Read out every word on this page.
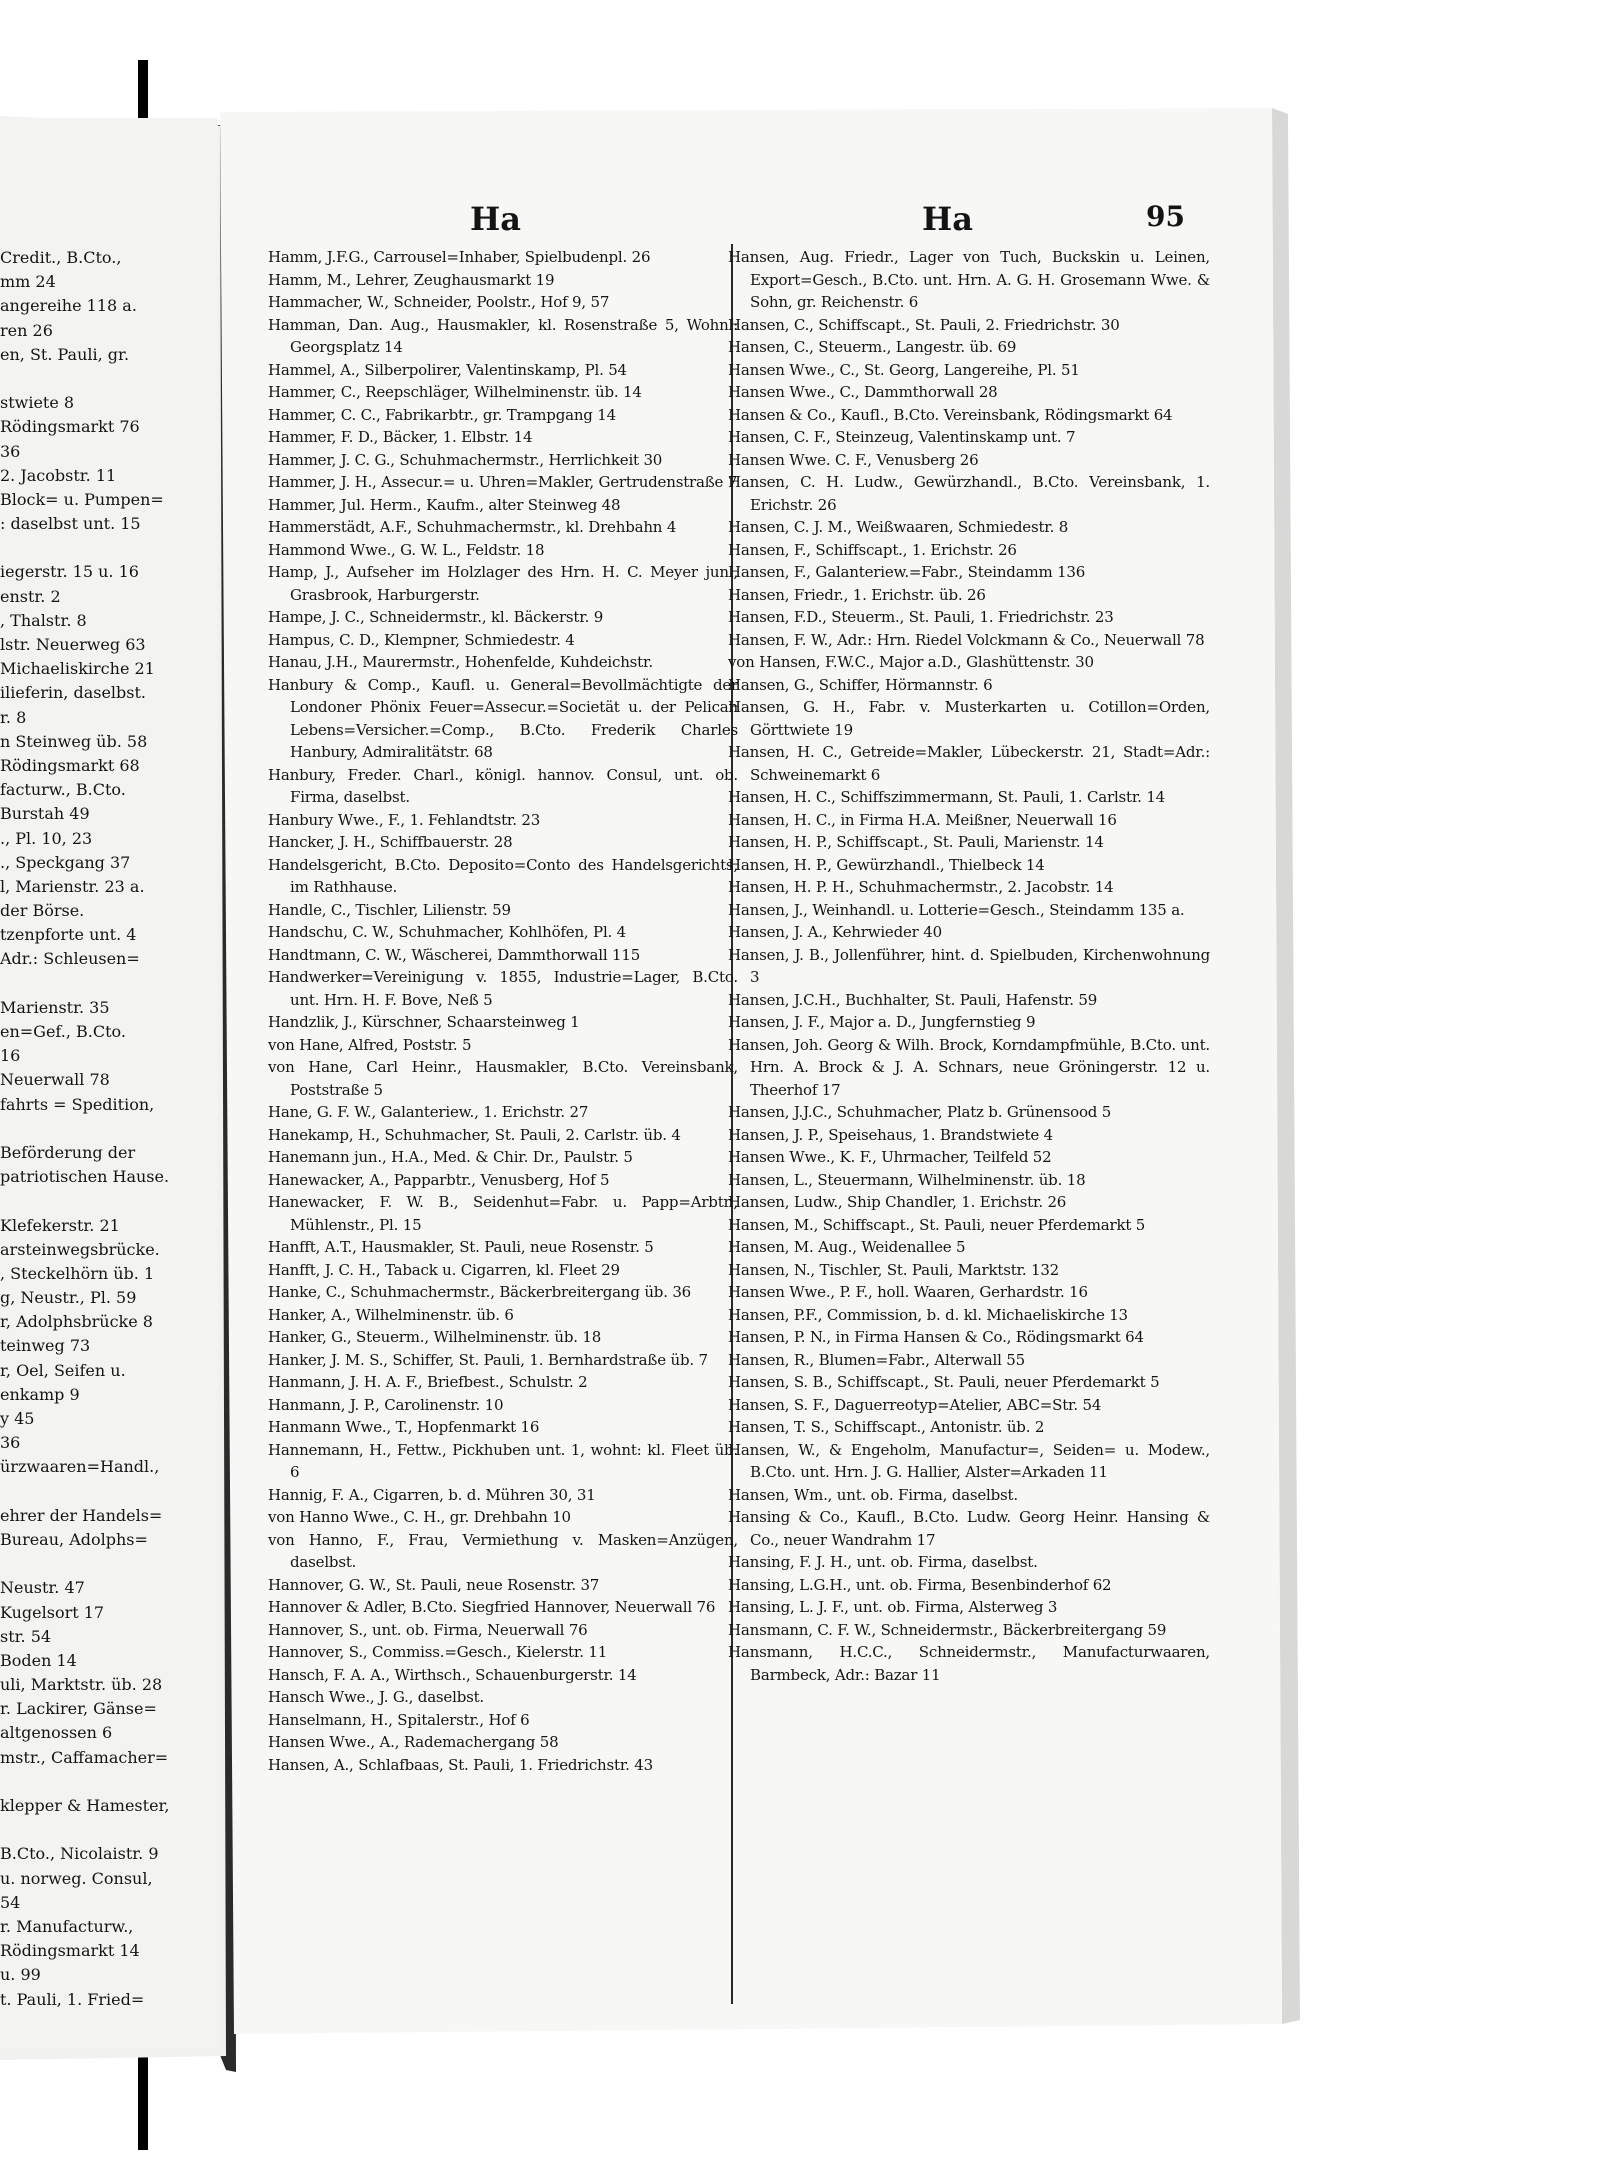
Credit., B.Cto.,
mm 24
angereihe 118 a.
ren 26
en, St. Pauli, gr.
stwiete 8
Rödingsmarkt 76
36
2. Jacobstr. 11
Block= u. Pumpen=
: daselbst unt. 15
iegerstr. 15 u. 16
enstr. 2
, Thalstr. 8
lstr. Neuerweg 63
Michaeliskirche 21
ilieferin, daselbst.
r. 8
n Steinweg üb. 58
Rödingsmarkt 68
facturw., B.Cto.
Burstah 49
., Pl. 10, 23
., Speckgang 37
l, Marienstr. 23 a.
der Börse.
tzenpforte unt. 4
Adr.: Schleusen=
Marienstr. 35
en=Gef., B.Cto.
16
Neuerwall 78
fahrts = Spedition,
Beförderung der
patriotischen Hause.
Klefekerstr. 21
arsteinwegsbrücke.
, Steckelhörn üb. 1
g, Neustr., Pl. 59
r, Adolphsbrücke 8
teinweg 73
r, Oel, Seifen u.
enkamp 9
y 45
36
ürzwaaren=Handl.,
ehrer der Handels=
Bureau, Adolphs=
Neustr. 47
Kugelsort 17
str. 54
Boden 14
uli, Marktstr. üb. 28
r. Lackirer, Gänse=
altgenossen 6
mstr., Caffamacher=
klepper & Hamester,
B.Cto., Nicolaistr. 9
u. norweg. Consul,
54
r. Manufacturw.,
Rödingsmarkt 14
u. 99
t. Pauli, 1. Fried=
Ha	Ha	95
Hamm, J.F.G., Carrousel=Inhaber, Spielbudenpl. 26
Hamm, M., Lehrer, Zeughausmarkt 19
Hammacher, W., Schneider, Poolstr., Hof 9, 57
Hamman, Dan. Aug., Hausmakler, kl. Rosenstraße 5, Wohn.: Georgsplatz 14
Hammel, A., Silberpolirer, Valentinskamp, Pl. 54
Hammer, C., Reepschläger, Wilhelminenstr. üb. 14
Hammer, C. C., Fabrikarbtr., gr. Trampgang 14
Hammer, F. D., Bäcker, 1. Elbstr. 14
Hammer, J. C. G., Schuhmachermstr., Herrlichkeit 30
Hammer, J. H., Assecur.= u. Uhren=Makler, Gertrudenstraße 7
Hammer, Jul. Herm., Kaufm., alter Steinweg 48
Hammerstädt, A.F., Schuhmachermstr., kl. Drehbahn 4
Hammond Wwe., G. W. L., Feldstr. 18
Hamp, J., Aufseher im Holzlager des Hrn. H. C. Meyer jun., Grasbrook, Harburgerstr.
Hampe, J. C., Schneidermstr., kl. Bäckerstr. 9
Hampus, C. D., Klempner, Schmiedestr. 4
Hanau, J.H., Maurermstr., Hohenfelde, Kuhdeichstr.
Hanbury & Comp., Kaufl. u. General=Bevollmächtigte der Londoner Phönix Feuer=Assecur.=Societät u. der Pelican Lebens=Versicher.=Comp., B.Cto. Frederik Charles Hanbury, Admiralitätstr. 68
Hanbury, Freder. Charl., königl. hannov. Consul, unt. ob. Firma, daselbst.
Hanbury Wwe., F., 1. Fehlandtstr. 23
Hancker, J. H., Schiffbauerstr. 28
Handelsgericht, B.Cto. Deposito=Conto des Handelsgerichts, im Rathhause.
Handle, C., Tischler, Lilienstr. 59
Handschu, C. W., Schuhmacher, Kohlhöfen, Pl. 4
Handtmann, C. W., Wäscherei, Dammthorwall 115
Handwerker=Vereinigung v. 1855, Industrie=Lager, B.Cto. unt. Hrn. H. F. Bove, Neß 5
Handzlik, J., Kürschner, Schaarsteinweg 1
von Hane, Alfred, Poststr. 5
von Hane, Carl Heinr., Hausmakler, B.Cto. Vereinsbank, Poststraße 5
Hane, G. F. W., Galanteriew., 1. Erichstr. 27
Hanekamp, H., Schuhmacher, St. Pauli, 2. Carlstr. üb. 4
Hanemann jun., H.A., Med. & Chir. Dr., Paulstr. 5
Hanewacker, A., Papparbtr., Venusberg, Hof 5
Hanewacker, F. W. B., Seidenhut=Fabr. u. Papp=Arbtr., Mühlenstr., Pl. 15
Hanfft, A.T., Hausmakler, St. Pauli, neue Rosenstr. 5
Hanfft, J. C. H., Taback u. Cigarren, kl. Fleet 29
Hanke, C., Schuhmachermstr., Bäckerbreitergang üb. 36
Hanker, A., Wilhelminenstr. üb. 6
Hanker, G., Steuerm., Wilhelminenstr. üb. 18
Hanker, J. M. S., Schiffer, St. Pauli, 1. Bernhardstraße üb. 7
Hanmann, J. H. A. F., Briefbest., Schulstr. 2
Hanmann, J. P., Carolinenstr. 10
Hanmann Wwe., T., Hopfenmarkt 16
Hannemann, H., Fettw., Pickhuben unt. 1, wohnt: kl. Fleet üb. 6
Hannig, F. A., Cigarren, b. d. Mühren 30, 31
von Hanno Wwe., C. H., gr. Drehbahn 10
von Hanno, F., Frau, Vermiethung v. Masken=Anzügen, daselbst.
Hannover, G. W., St. Pauli, neue Rosenstr. 37
Hannover & Adler, B.Cto. Siegfried Hannover, Neuerwall 76
Hannover, S., unt. ob. Firma, Neuerwall 76
Hannover, S., Commiss.=Gesch., Kielerstr. 11
Hansch, F. A. A., Wirthsch., Schauenburgerstr. 14
Hansch Wwe., J. G., daselbst.
Hanselmann, H., Spitalerstr., Hof 6
Hansen Wwe., A., Rademachergang 58
Hansen, A., Schlafbaas, St. Pauli, 1. Friedrichstr. 43
Hansen, Aug. Friedr., Lager von Tuch, Buckskin u. Leinen, Export=Gesch., B.Cto. unt. Hrn. A. G. H. Grosemann Wwe. & Sohn, gr. Reichenstr. 6
Hansen, C., Schiffscapt., St. Pauli, 2. Friedrichstr. 30
Hansen, C., Steuerm., Langestr. üb. 69
Hansen Wwe., C., St. Georg, Langereihe, Pl. 51
Hansen Wwe., C., Dammthorwall 28
Hansen & Co., Kaufl., B.Cto. Vereinsbank, Rödingsmarkt 64
Hansen, C. F., Steinzeug, Valentinskamp unt. 7
Hansen Wwe. C. F., Venusberg 26
Hansen, C. H. Ludw., Gewürzhandl., B.Cto. Vereinsbank, 1. Erichstr. 26
Hansen, C. J. M., Weißwaaren, Schmiedestr. 8
Hansen, F., Schiffscapt., 1. Erichstr. 26
Hansen, F., Galanteriew.=Fabr., Steindamm 136
Hansen, Friedr., 1. Erichstr. üb. 26
Hansen, F.D., Steuerm., St. Pauli, 1. Friedrichstr. 23
Hansen, F. W., Adr.: Hrn. Riedel Volckmann & Co., Neuerwall 78
von Hansen, F.W.C., Major a.D., Glashüttenstr. 30
Hansen, G., Schiffer, Hörmannstr. 6
Hansen, G. H., Fabr. v. Musterkarten u. Cotillon=Orden, Görttwiete 19
Hansen, H. C., Getreide=Makler, Lübeckerstr. 21, Stadt=Adr.: Schweinemarkt 6
Hansen, H. C., Schiffszimmermann, St. Pauli, 1. Carlstr. 14
Hansen, H. C., in Firma H.A. Meißner, Neuerwall 16
Hansen, H. P., Schiffscapt., St. Pauli, Marienstr. 14
Hansen, H. P., Gewürzhandl., Thielbeck 14
Hansen, H. P. H., Schuhmachermstr., 2. Jacobstr. 14
Hansen, J., Weinhandl. u. Lotterie=Gesch., Steindamm 135 a.
Hansen, J. A., Kehrwieder 40
Hansen, J. B., Jollenführer, hint. d. Spielbuden, Kirchenwohnung 3
Hansen, J.C.H., Buchhalter, St. Pauli, Hafenstr. 59
Hansen, J. F., Major a. D., Jungfernstieg 9
Hansen, Joh. Georg & Wilh. Brock, Korndampfmühle, B.Cto. unt. Hrn. A. Brock & J. A. Schnars, neue Gröningerstr. 12 u. Theerhof 17
Hansen, J.J.C., Schuhmacher, Platz b. Grünensood 5
Hansen, J. P., Speisehaus, 1. Brandstwiete 4
Hansen Wwe., K. F., Uhrmacher, Teilfeld 52
Hansen, L., Steuermann, Wilhelminenstr. üb. 18
Hansen, Ludw., Ship Chandler, 1. Erichstr. 26
Hansen, M., Schiffscapt., St. Pauli, neuer Pferdemarkt 5
Hansen, M. Aug., Weidenallee 5
Hansen, N., Tischler, St. Pauli, Marktstr. 132
Hansen Wwe., P. F., holl. Waaren, Gerhardstr. 16
Hansen, P.F., Commission, b. d. kl. Michaeliskirche 13
Hansen, P. N., in Firma Hansen & Co., Rödingsmarkt 64
Hansen, R., Blumen=Fabr., Alterwall 55
Hansen, S. B., Schiffscapt., St. Pauli, neuer Pferdemarkt 5
Hansen, S. F., Daguerreotyp=Atelier, ABC=Str. 54
Hansen, T. S., Schiffscapt., Antonistr. üb. 2
Hansen, W., & Engeholm, Manufactur=, Seiden= u. Modew., B.Cto. unt. Hrn. J. G. Hallier, Alster=Arkaden 11
Hansen, Wm., unt. ob. Firma, daselbst.
Hansing & Co., Kaufl., B.Cto. Ludw. Georg Heinr. Hansing & Co., neuer Wandrahm 17
Hansing, F. J. H., unt. ob. Firma, daselbst.
Hansing, L.G.H., unt. ob. Firma, Besenbinderhof 62
Hansing, L. J. F., unt. ob. Firma, Alsterweg 3
Hansmann, C. F. W., Schneidermstr., Bäckerbreitergang 59
Hansmann, H.C.C., Schneidermstr., Manufacturwaaren, Barmbeck, Adr.: Bazar 11
